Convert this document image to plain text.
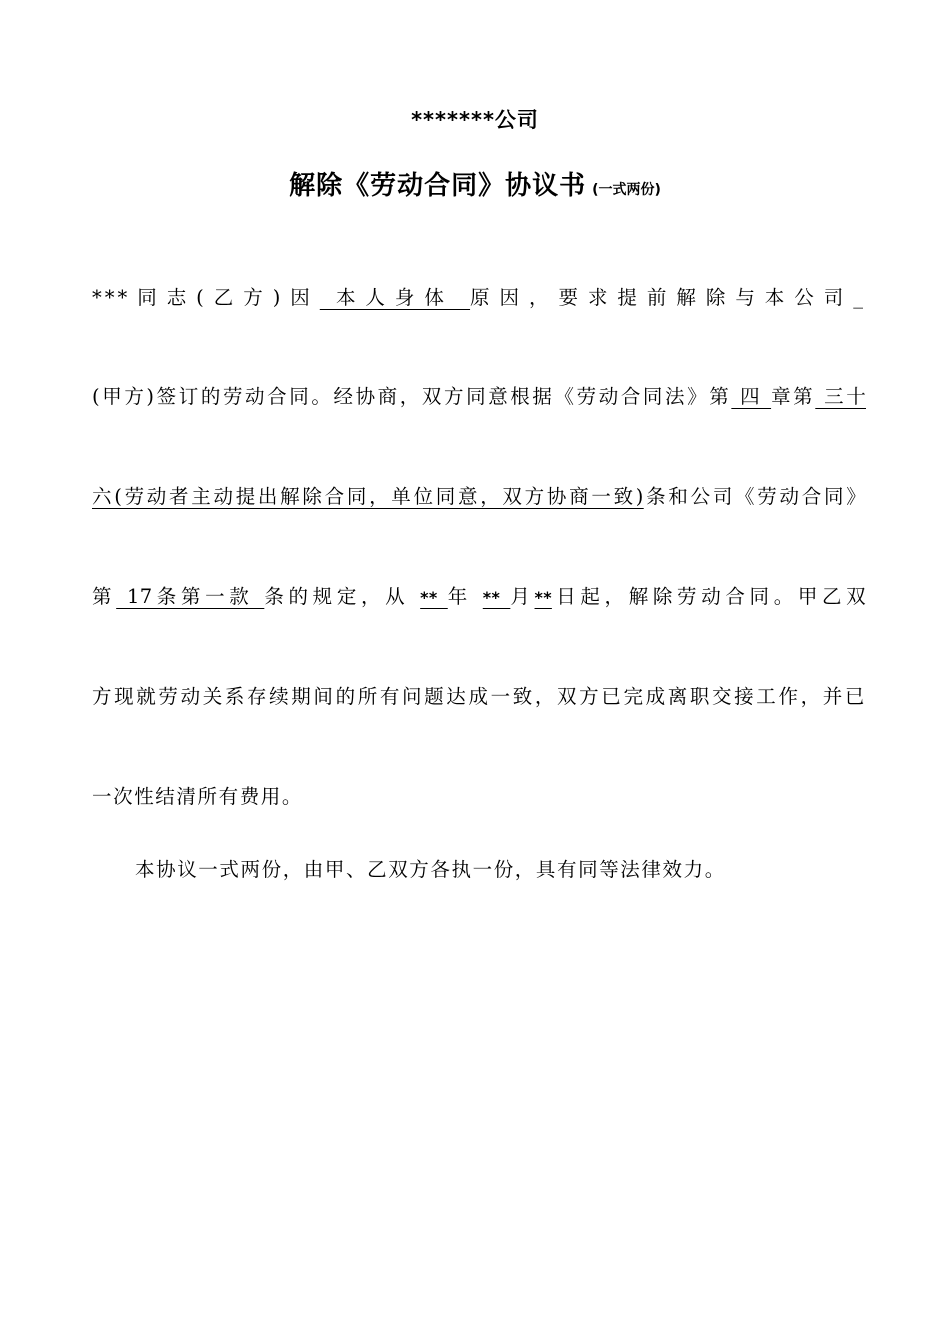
*******公司
解除《劳动合同》协议书 (一式两份)
***同志(乙方)因 本人身体 原因，要求提前解除与本公司_
(甲方)签订的劳动合同。经协商，双方同意根据《劳动合同法》第 四 章第 三十
六(劳动者主动提出解除合同，单位同意，双方协商一致)条和公司《劳动合同》
第 17条第一款 条的规定，从 ** 年 ** 月**日起，解除劳动合同。甲乙双
方现就劳动关系存续期间的所有问题达成一致，双方已完成离职交接工作，并已
一次性结清所有费用。
本协议一式两份，由甲、乙双方各执一份，具有同等法律效力。
